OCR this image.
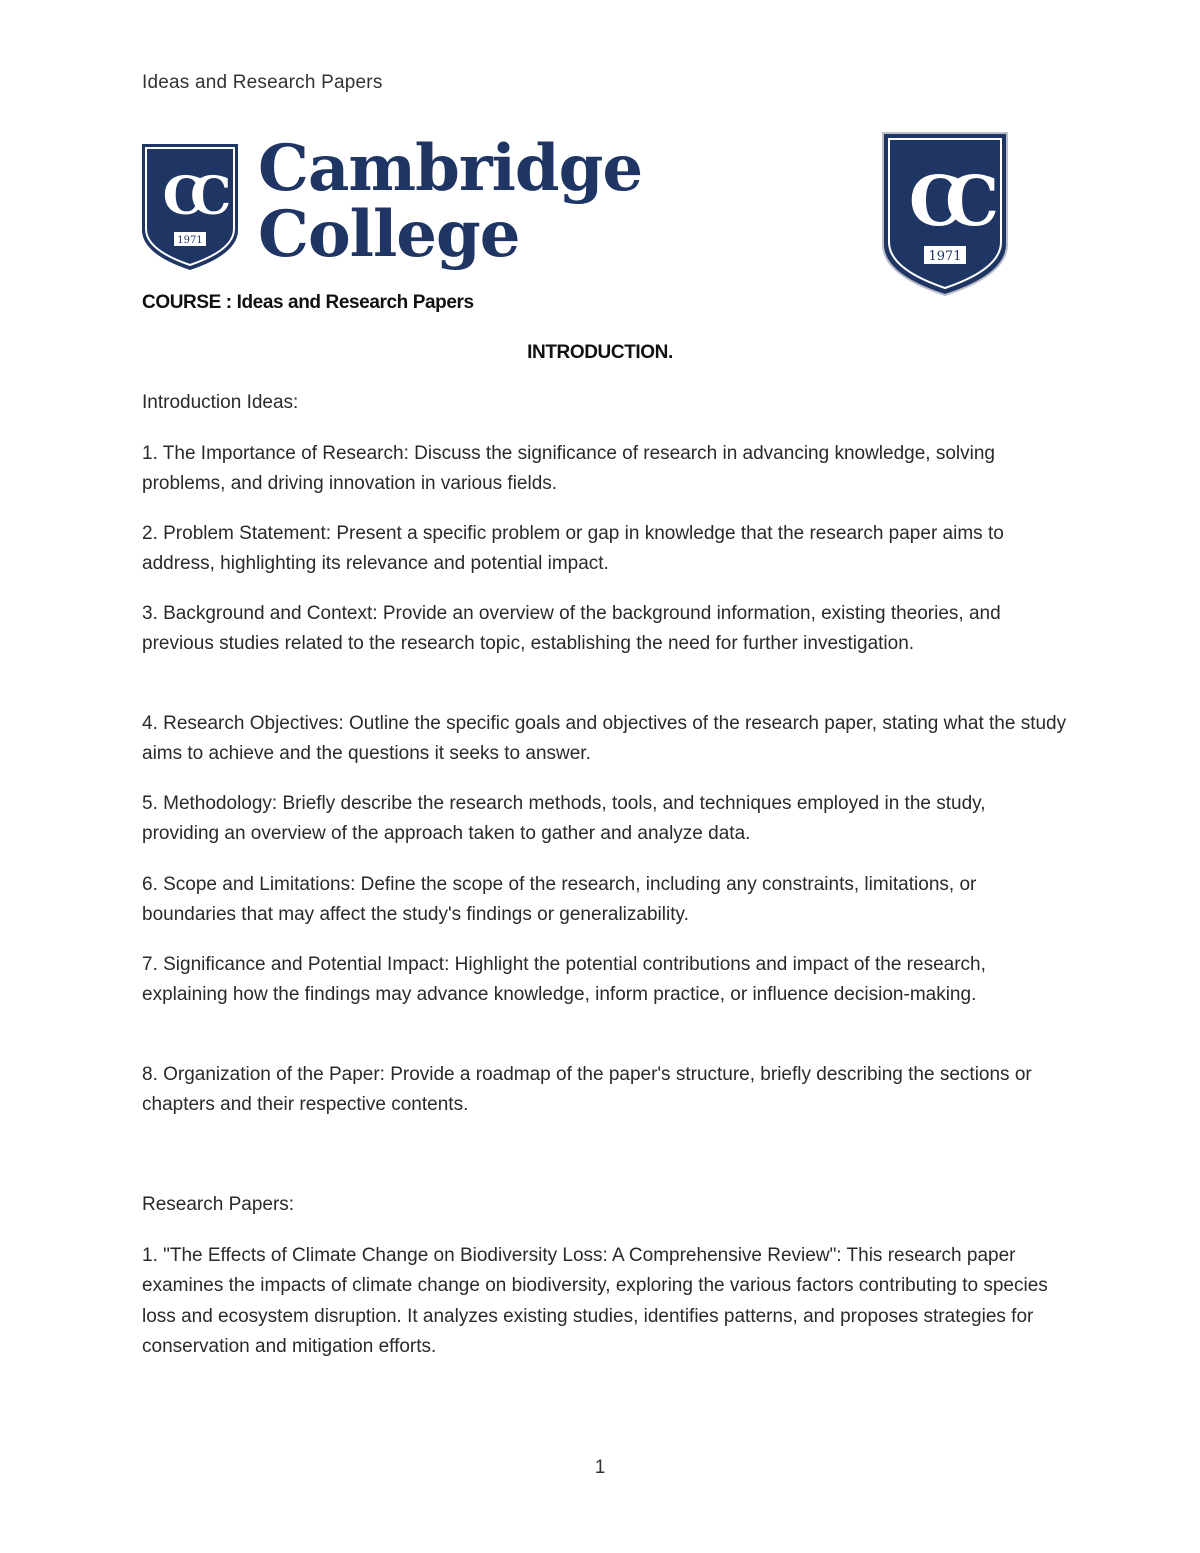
Ideas and Research Papers
CC
1971
Cambridge
College	CC
1971
COURSE : Ideas and Research Papers
INTRODUCTION.
Introduction Ideas:
1. The Importance of Research: Discuss the significance of research in advancing knowledge, solving problems, and driving innovation in various fields.
2. Problem Statement: Present a specific problem or gap in knowledge that the research paper aims to address, highlighting its relevance and potential impact.
3. Background and Context: Provide an overview of the background information, existing theories, and previous studies related to the research topic, establishing the need for further investigation.
4. Research Objectives: Outline the specific goals and objectives of the research paper, stating what the study aims to achieve and the questions it seeks to answer.
5. Methodology: Briefly describe the research methods, tools, and techniques employed in the study, providing an overview of the approach taken to gather and analyze data.
6. Scope and Limitations: Define the scope of the research, including any constraints, limitations, or boundaries that may affect the study's findings or generalizability.
7. Significance and Potential Impact: Highlight the potential contributions and impact of the research, explaining how the findings may advance knowledge, inform practice, or influence decision-making.
8. Organization of the Paper: Provide a roadmap of the paper's structure, briefly describing the sections or chapters and their respective contents.
Research Papers:
1. "The Effects of Climate Change on Biodiversity Loss: A Comprehensive Review": This research paper examines the impacts of climate change on biodiversity, exploring the various factors contributing to species loss and ecosystem disruption. It analyzes existing studies, identifies patterns, and proposes strategies for conservation and mitigation efforts.
1
